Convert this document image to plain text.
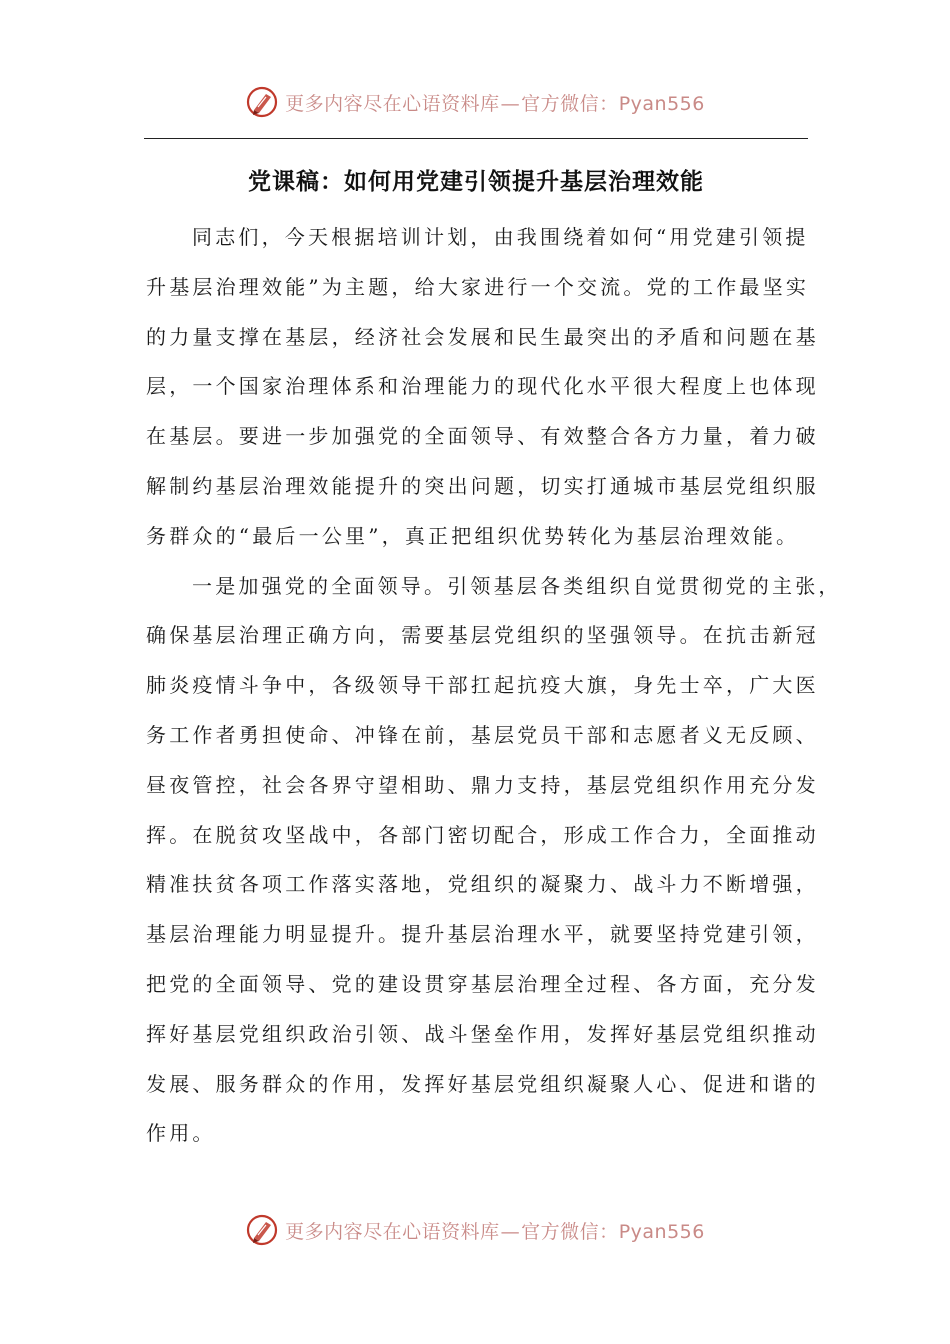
更多内容尽在心语资料库—官方微信：Pyan556
党课稿：如何用党建引领提升基层治理效能
同志们，今天根据培训计划，由我围绕着如何“用党建引领提
升基层治理效能”为主题，给大家进行一个交流。党的工作最坚实
的力量支撑在基层，经济社会发展和民生最突出的矛盾和问题在基
层，一个国家治理体系和治理能力的现代化水平很大程度上也体现
在基层。要进一步加强党的全面领导、有效整合各方力量，着力破
解制约基层治理效能提升的突出问题，切实打通城市基层党组织服
务群众的“最后一公里”，真正把组织优势转化为基层治理效能。
一是加强党的全面领导。引领基层各类组织自觉贯彻党的主张，
确保基层治理正确方向，需要基层党组织的坚强领导。在抗击新冠
肺炎疫情斗争中，各级领导干部扛起抗疫大旗，身先士卒，广大医
务工作者勇担使命、冲锋在前，基层党员干部和志愿者义无反顾、
昼夜管控，社会各界守望相助、鼎力支持，基层党组织作用充分发
挥。在脱贫攻坚战中，各部门密切配合，形成工作合力，全面推动
精准扶贫各项工作落实落地，党组织的凝聚力、战斗力不断增强，
基层治理能力明显提升。提升基层治理水平，就要坚持党建引领，
把党的全面领导、党的建设贯穿基层治理全过程、各方面，充分发
挥好基层党组织政治引领、战斗堡垒作用，发挥好基层党组织推动
发展、服务群众的作用，发挥好基层党组织凝聚人心、促进和谐的
作用。
更多内容尽在心语资料库—官方微信：Pyan556
